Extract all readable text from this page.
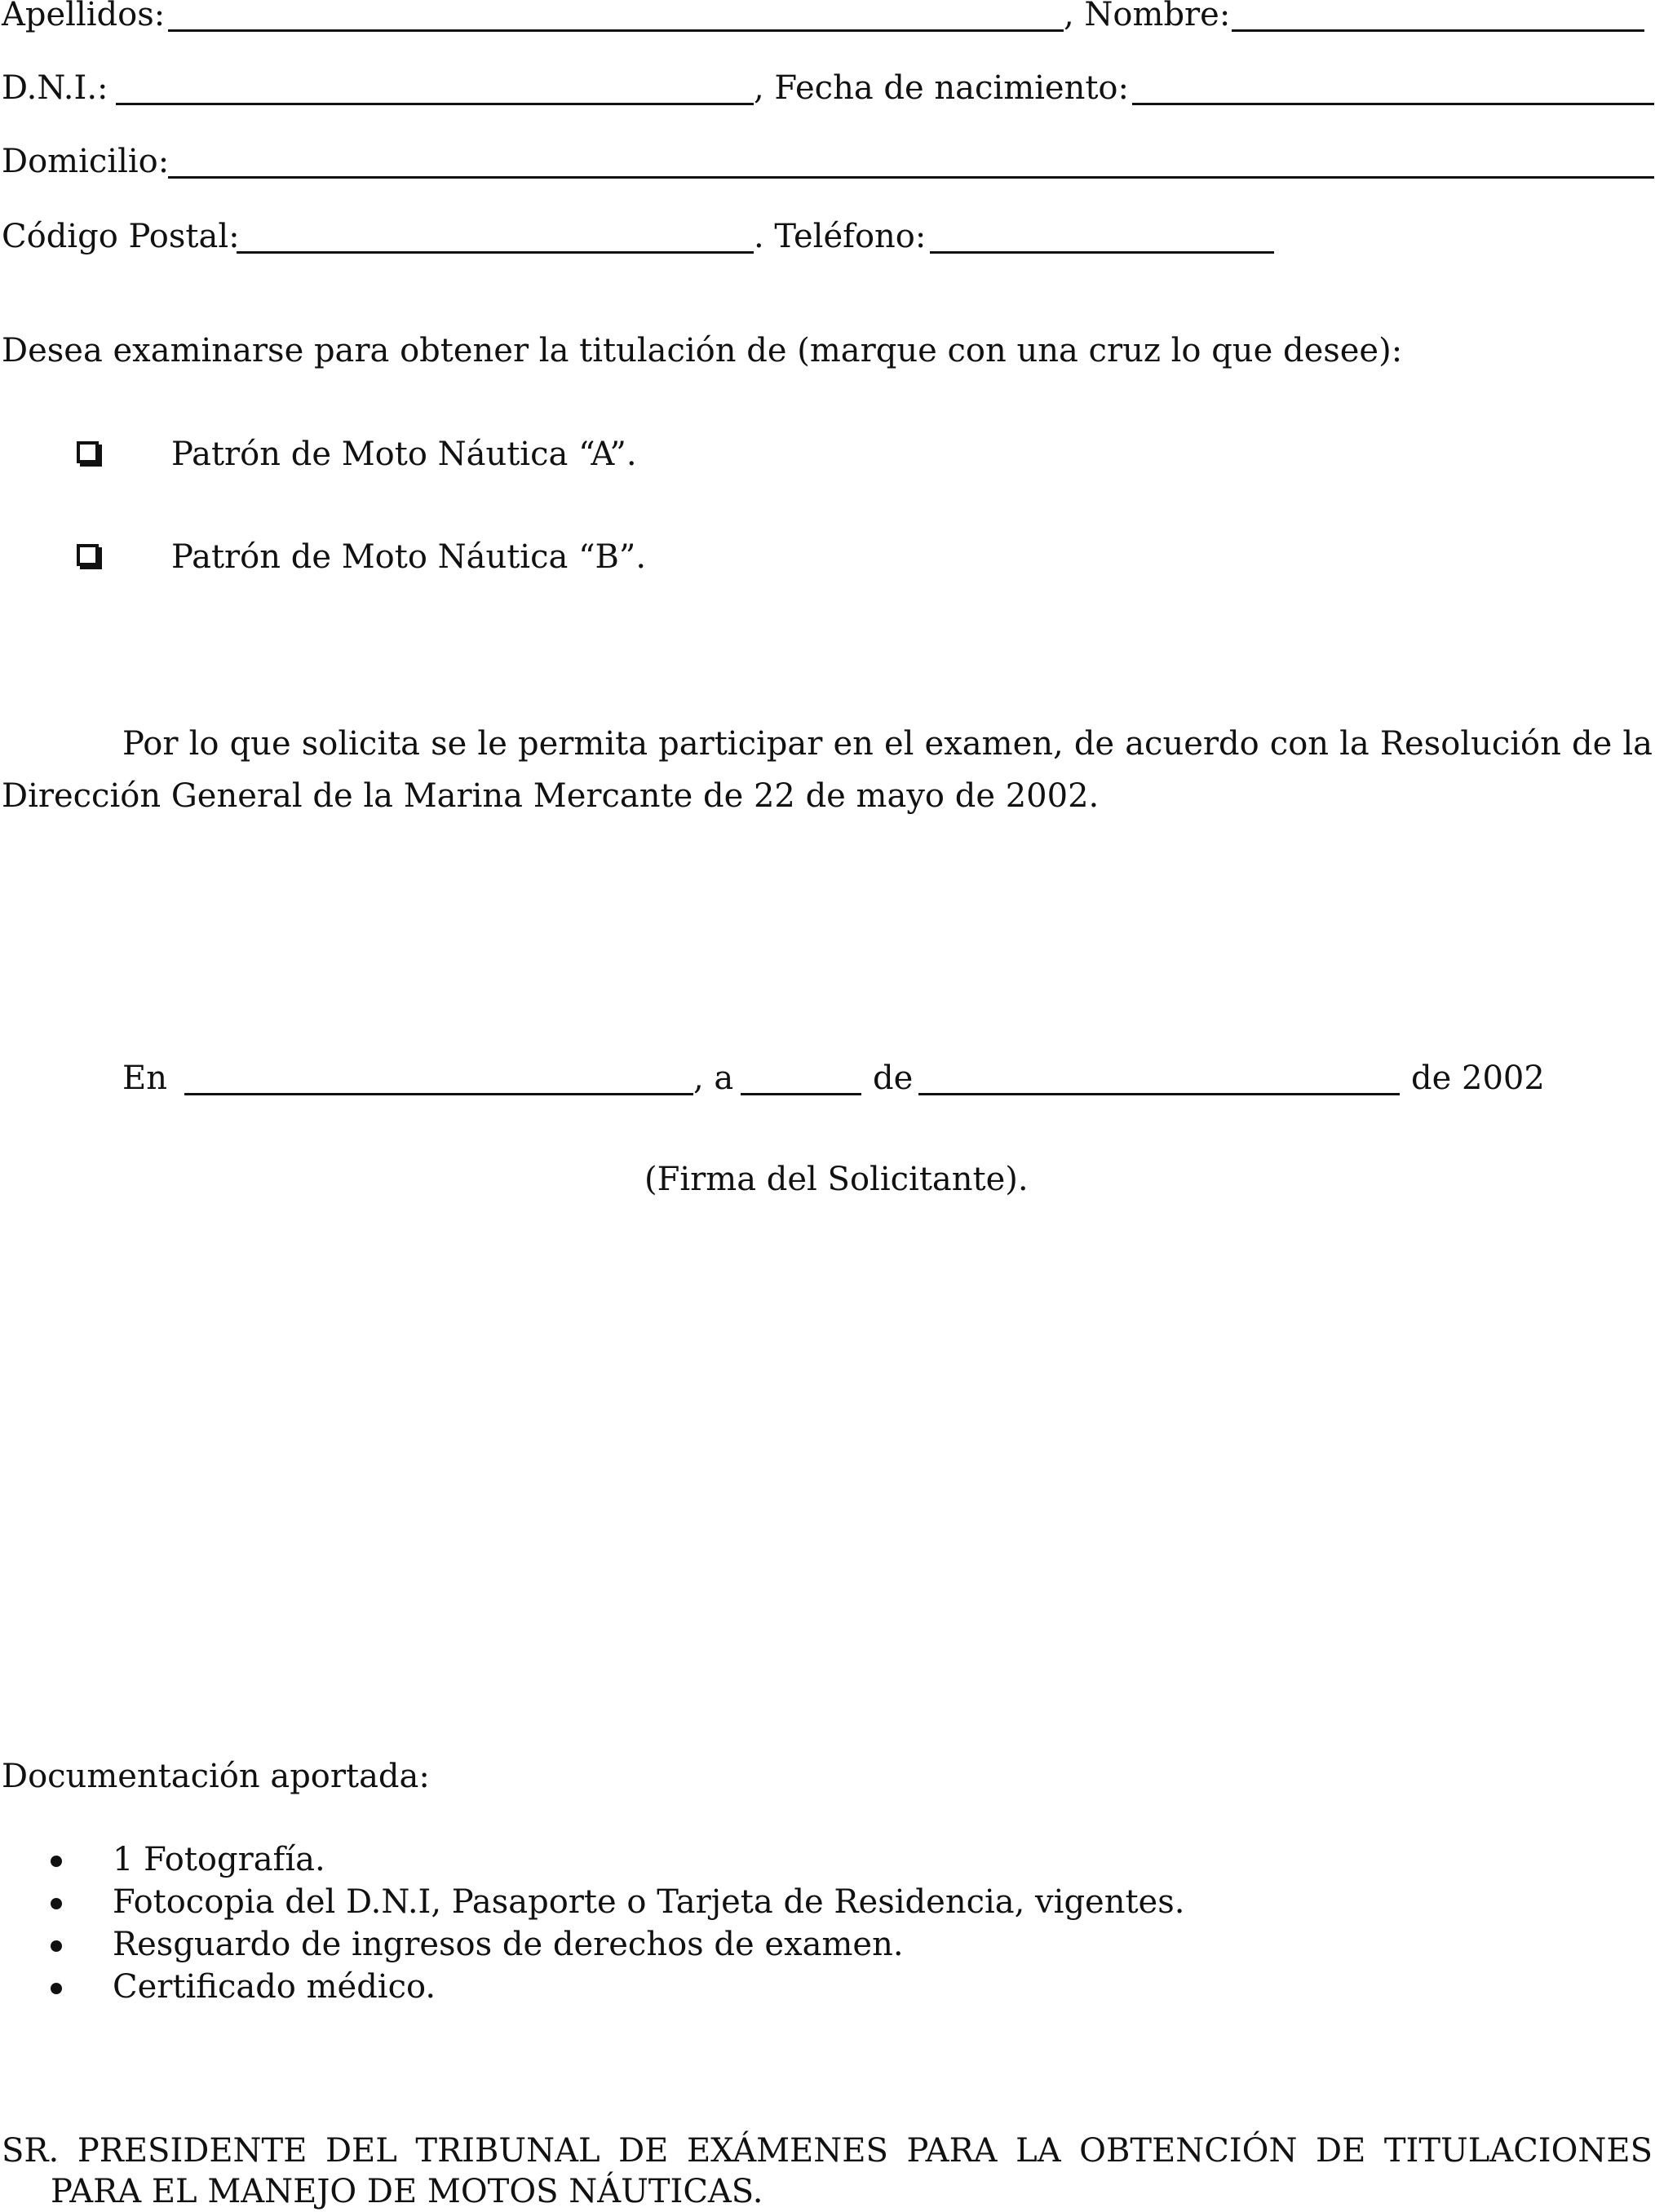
Apellidos:	, Nombre:
D.N.I.:	, Fecha de nacimiento:
Domicilio:
Código Postal:	. Teléfono:
Desea examinarse para obtener la titulación de (marque con una cruz lo que desee):
Patrón de Moto Náutica “A”.
Patrón de Moto Náutica “B”.
Por lo que solicita se le permita participar en el examen, de acuerdo con la Resolución de la Dirección General de la Marina Mercante de 22 de mayo de 2002.
En	, a	de	de 2002
(Firma del Solicitante).
Documentación aportada:
1 Fotografía.
Fotocopia del D.N.I, Pasaporte o Tarjeta de Residencia, vigentes.
Resguardo de ingresos de derechos de examen.
Certificado médico.
SR. PRESIDENTE DEL TRIBUNAL DE EXÁMENES PARA LA OBTENCIÓN DE TITULACIONES PARA EL MANEJO DE MOTOS NÁUTICAS.
